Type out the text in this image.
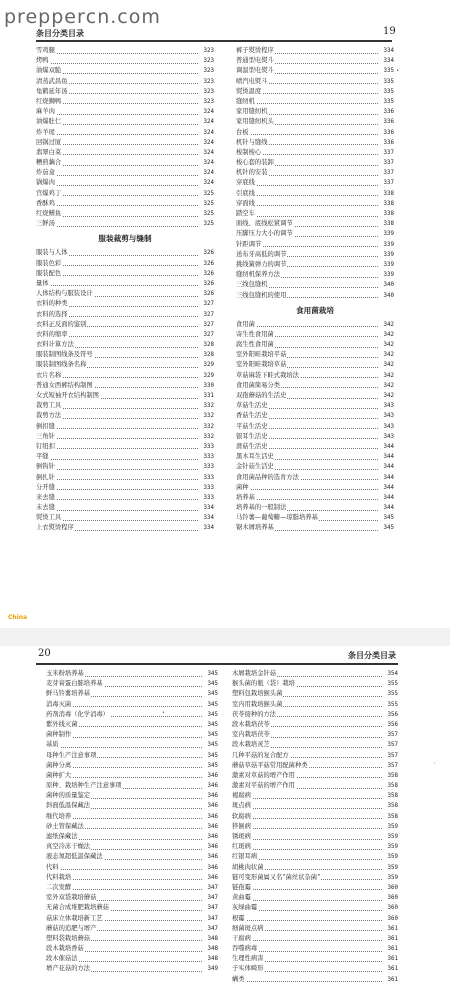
prepperсn.com
条目分类目录	19
雪鸡腿	323
烤鸭	323
油爆双脆	323
清蒸武昌鱼	323
龟鹤延年汤	323
红烧狮鸭	323
麻羊肉	324
油爆肚仁	324
炸羊尾	324
回锅过厦	324
翡翠白菜	324
糟煎藕合	324
炸茄盒	324
锅爆肉	324
宫爆鸡丁	325
香酥鸡	325
红烧鳝鱼	325
三鲜汤	325
服装裁剪与缝制
服装与人体	326
服装色彩	326
服装配色	326
量体	326
人体结构与服装设计	326
衣料的种类	327
衣料的选择	327
衣料正反面的鉴别	327
衣料的缩率	327
衣料计算方法	328
服装制图线条及符号	328
服装制图线条名称	329
衣片名称	329
普通女西裤结构制图	330
女式短袖开衣结构制图	331
裁剪工具	332
裁剪方法	332
倒扣缝	332
三角针	332
钉纽扣	333
平缝	333
倒钩针	333
倒扎针	333
分开缝	333
来去缝	333
末去缝	334
熨烫工具	334
上衣熨烫程序	334
裤子熨烫程序	334
普通型电熨斗	334
调温型电熨斗	335
喷汽电熨斗	335
熨烫温度	335
缝纫机	335
家用缝纫机	336
家用缝纫机头	336
台板	336
机针与缝线	336
梭制梭心	337
梭心套的装卸	337
机针的安装	337
穿底线	337
引底线	338
穿面线	338
踏空车	338
面线、底线松紧调节	338
压脚压力大小的调节	339
针距调节	339
送布牙高低的调节	339
挑线簧弹力的调节	339
缝纫机保养方法	339
三线包缝机	340
三线包缝机的使用	340
食用菌栽培
食用菌	342
寄生性食用菌	342
腐生性食用菌	342
室外阳畦栽培平菇	342
室外阳畦栽培草菇	342
草菇麻袋下畦式栽培法	342
食用菌简易分类	342
双孢蘑菇的生活史	342
草菇生活史	343
香菇生活史	343
平菇生活史	343
银耳生活史	343
滑菇生活史	344
黑木耳生活史	344
金针菇生活史	344
食用菌品种的选育方法	344
菌种	344
培养基	344
培养基的一般制法	344
马铃薯—葡萄糖—琼脂培养基	345
锯木屑培养基	345
•
China
20	条目分类目录
玉米粉培养基	345
麦芽膏蛋白胨培养基	345
鲜马铃薯培养基	345
消毒灭菌	345
药剂消毒（化学消毒）	345
紫外线灭菌	345
菌种制作	345
基质	345
母种生产注意事项	345
菌种分离	345
菌种扩大	346
原种、栽培种生产注意事项	346
菌种的质量鉴定	346
斜面低温保藏法	346
继代培养	346
砂土管保藏法	346
滤纸保藏法	346
真空冷冻干燥法	346
液态氮超低温保藏法	346
代料	346
代料栽培	346
二次发酵	347
室外双袋栽培蘑菇	347
无菌合成堆肥栽培蘑菇	347
菇床立体栽培新工艺	347
蘑菇的追肥与增产	347
塑料袋栽培蘑菇	348
段木栽培香菇	348
段木催菇法	348
增产花菇的方法	349
木屑栽培金针菇	354
猴头菌的瓶（袋）栽培	355
塑料包栽培猴头菌	355
室内用栽培猴头菌	355
茯苓接种的方法	356
段木栽培茯苓	356
室内栽培茯苓	357
段木栽培灵芝	357
几种平菇的复合配方	357
蘑菇草菇平菇常用配菌种类	357
激素对草菇的增产作用	358
激素对平菇的增产作用	358
褐腐病	358
斑点病	358
软腐病	358
猝倒病	359
锈斑病	359
红斑病	359
红银耳病	359
胡桃肉状菌	359
链可变形菌属又名“菌丝状杂菌”	359
链孢霉	360
黄曲霉	360
灰绿曲霉	360
根霉	360
细菌斑点病	361
干腐病	361
吞噬病毒	361
生理性病害	361
子实体畸形	361
螨类	361
•
‘
